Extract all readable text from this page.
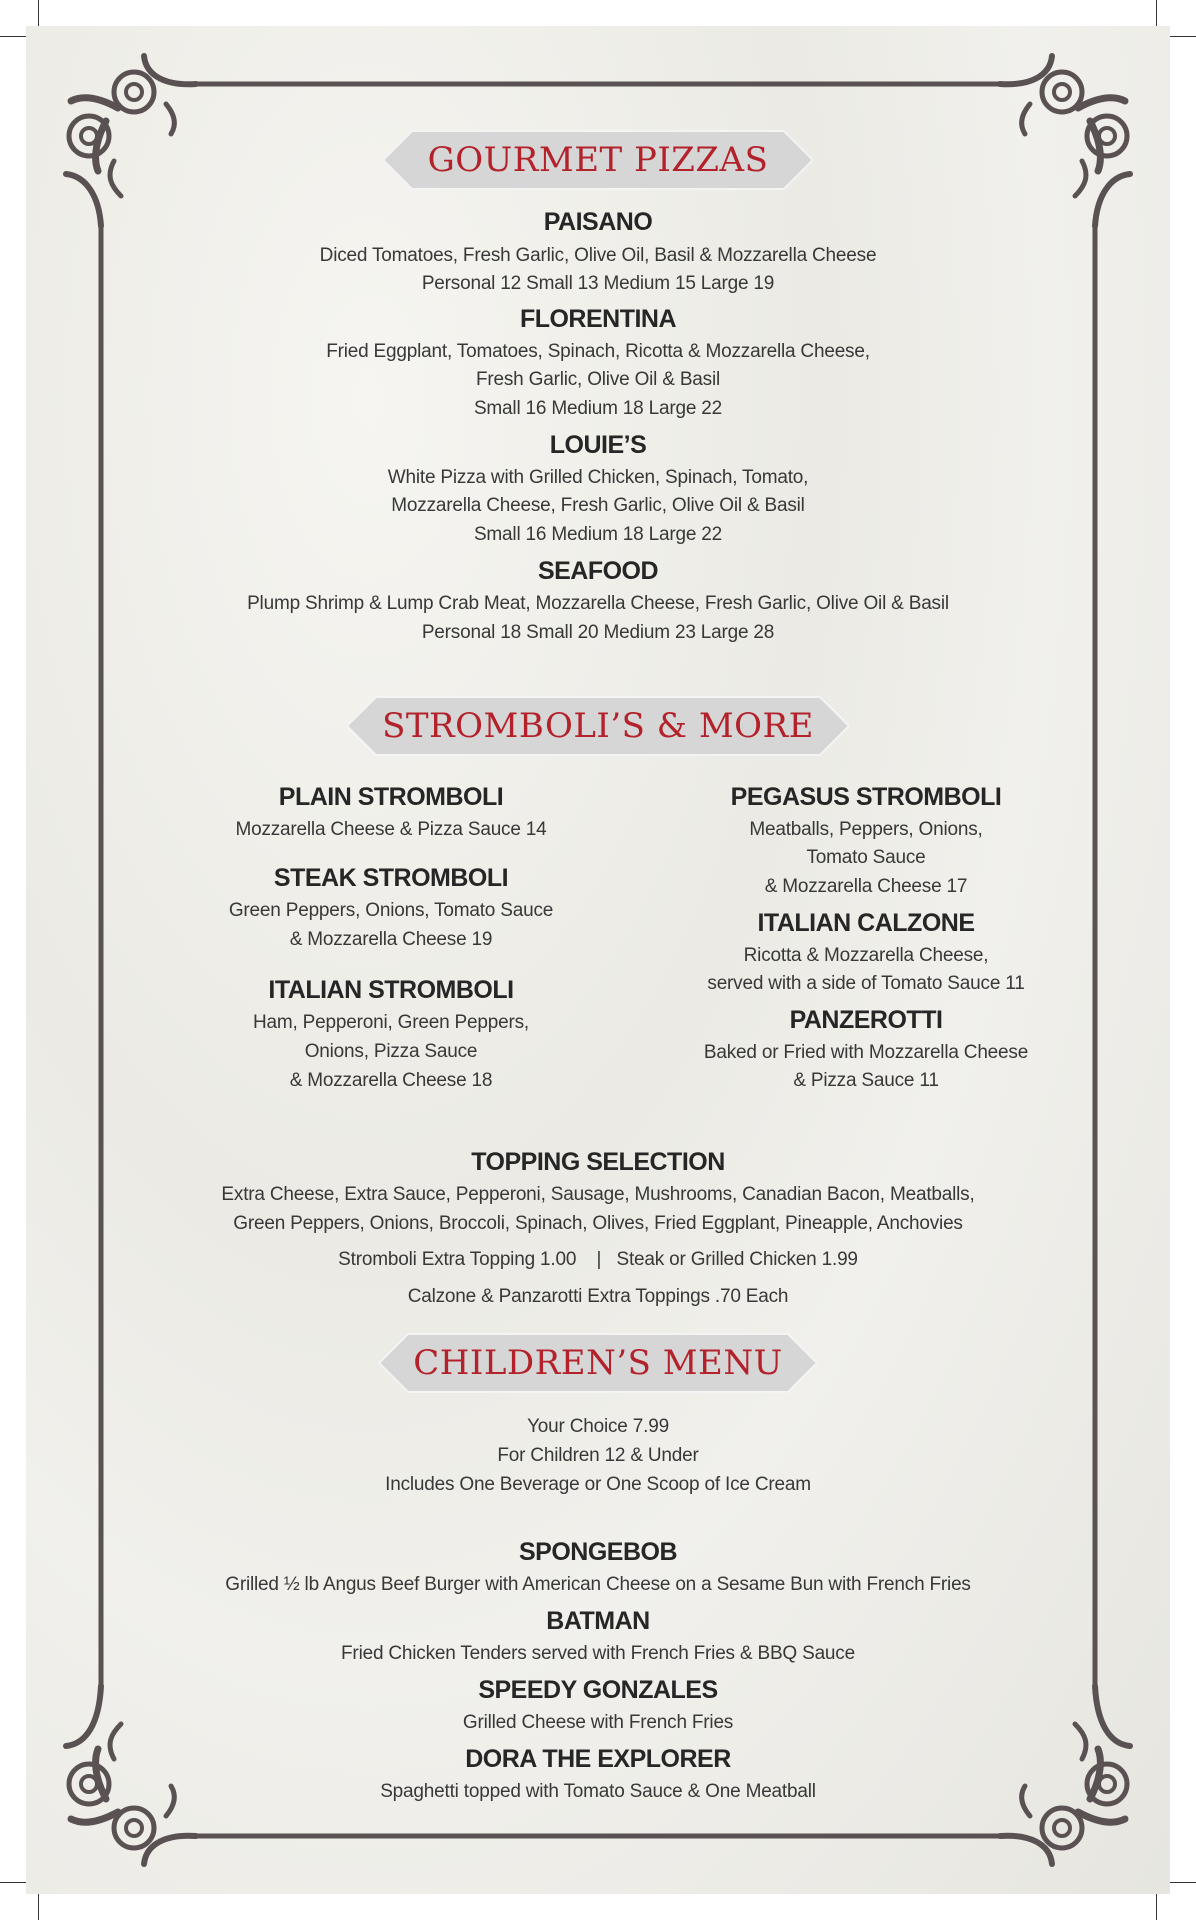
GOURMET PIZZAS
PAISANO
Diced Tomatoes, Fresh Garlic, Olive Oil, Basil & Mozzarella Cheese
Personal 12 Small 13 Medium 15 Large 19
FLORENTINA
Fried Eggplant, Tomatoes, Spinach, Ricotta & Mozzarella Cheese,
Fresh Garlic, Olive Oil & Basil
Small 16 Medium 18 Large 22
LOUIE’S
White Pizza with Grilled Chicken, Spinach, Tomato,
Mozzarella Cheese, Fresh Garlic, Olive Oil & Basil
Small 16 Medium 18 Large 22
SEAFOOD
Plump Shrimp & Lump Crab Meat, Mozzarella Cheese, Fresh Garlic, Olive Oil & Basil
Personal 18 Small 20 Medium 23 Large 28
STROMBOLI’S & MORE
PLAIN STROMBOLI
Mozzarella Cheese & Pizza Sauce 14
STEAK STROMBOLI
Green Peppers, Onions, Tomato Sauce
& Mozzarella Cheese 19
ITALIAN STROMBOLI
Ham, Pepperoni, Green Peppers,
Onions, Pizza Sauce
& Mozzarella Cheese 18
PEGASUS STROMBOLI
Meatballs, Peppers, Onions,
Tomato Sauce
& Mozzarella Cheese 17
ITALIAN CALZONE
Ricotta & Mozzarella Cheese,
served with a side of Tomato Sauce 11
PANZEROTTI
Baked or Fried with Mozzarella Cheese
& Pizza Sauce 11
TOPPING SELECTION
Extra Cheese, Extra Sauce, Pepperoni, Sausage, Mushrooms, Canadian Bacon, Meatballs,
Green Peppers, Onions, Broccoli, Spinach, Olives, Fried Eggplant, Pineapple, Anchovies
Stromboli Extra Topping 1.00    |   Steak or Grilled Chicken 1.99
Calzone & Panzarotti Extra Toppings .70 Each
CHILDREN’S MENU
Your Choice 7.99
For Children 12 & Under
Includes One Beverage or One Scoop of Ice Cream
SPONGEBOB
Grilled ½ lb Angus Beef Burger with American Cheese on a Sesame Bun with French Fries
BATMAN
Fried Chicken Tenders served with French Fries & BBQ Sauce
SPEEDY GONZALES
Grilled Cheese with French Fries
DORA THE EXPLORER
Spaghetti topped with Tomato Sauce & One Meatball
